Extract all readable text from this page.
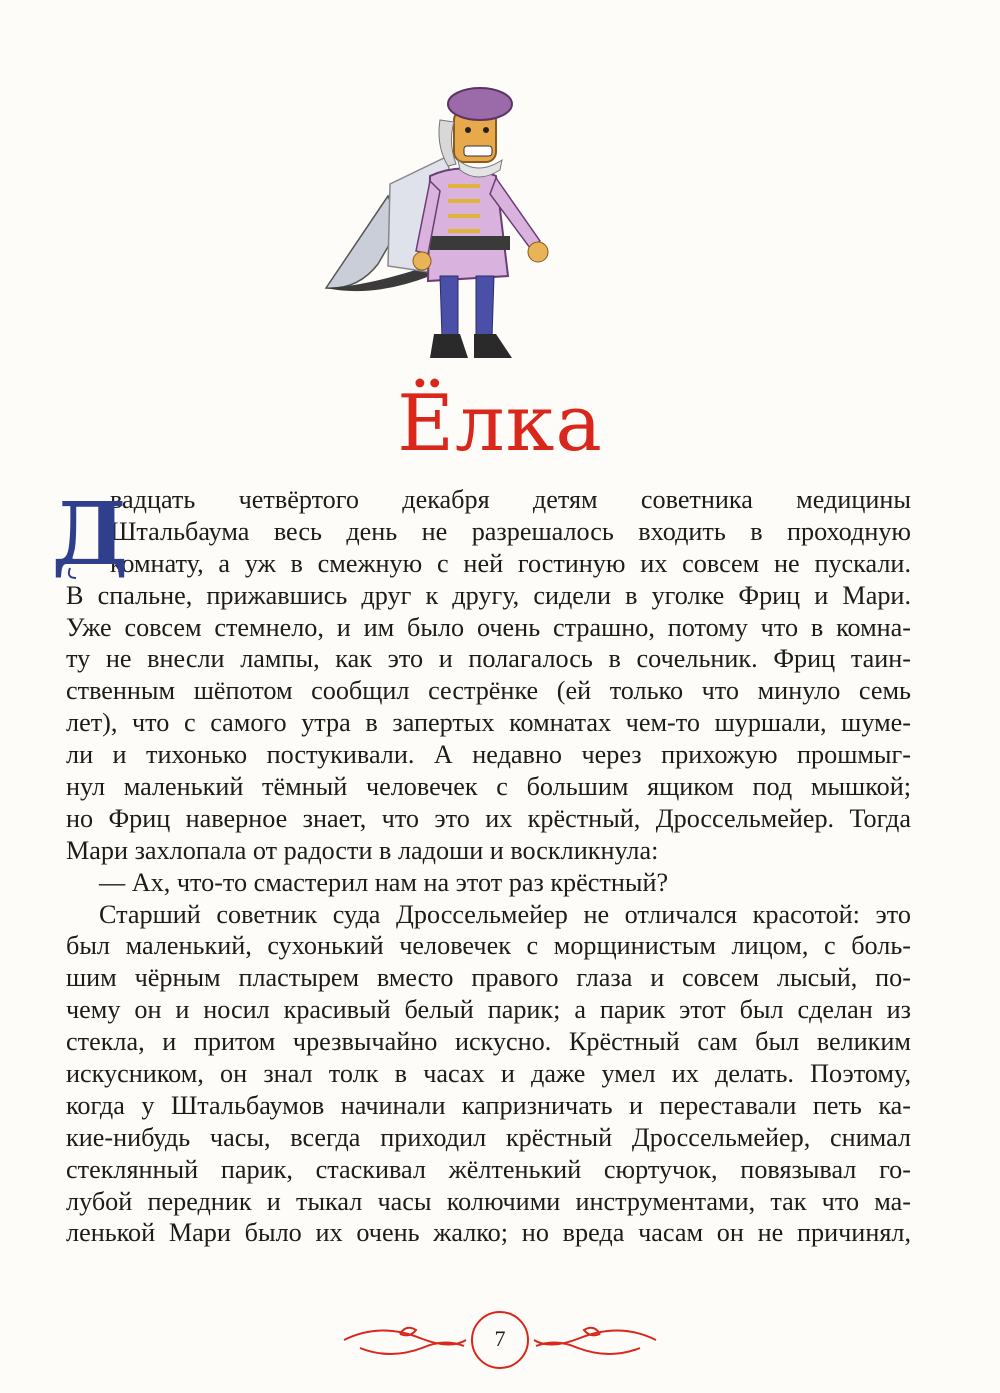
Ёлка
Д
вадцать четвёртого декабря детям советника медицины
Штальбаума весь день не разрешалось входить в проходную
комнату, а уж в смежную с ней гостиную их совсем не пускали.
В спальне, прижавшись друг к другу, сидели в уголке Фриц и Мари.
Уже совсем стемнело, и им было очень страшно, потому что в комна-
ту не внесли лампы, как это и полагалось в сочельник. Фриц таин-
ственным шёпотом сообщил сестрёнке (ей только что минуло семь
лет), что с самого утра в запертых комнатах чем-то шуршали, шуме-
ли и тихонько постукивали. А недавно через прихожую прошмыг-
нул маленький тёмный человечек с большим ящиком под мышкой;
но Фриц наверное знает, что это их крёстный, Дроссельмейер. Тогда
Мари захлопала от радости в ладоши и воскликнула:
— Ах, что-то смастерил нам на этот раз крёстный?
Старший советник суда Дроссельмейер не отличался красотой: это
был маленький, сухонький человечек с морщинистым лицом, с боль-
шим чёрным пластырем вместо правого глаза и совсем лысый, по-
чему он и носил красивый белый парик; а парик этот был сделан из
стекла, и притом чрезвычайно искусно. Крёстный сам был великим
искусником, он знал толк в часах и даже умел их делать. Поэтому,
когда у Штальбаумов начинали капризничать и переставали петь ка-
кие-нибудь часы, всегда приходил крёстный Дроссельмейер, снимал
стеклянный парик, стаскивал жёлтенький сюртучок, повязывал го-
лубой передник и тыкал часы колючими инструментами, так что ма-
ленькой Мари было их очень жалко; но вреда часам он не причинял,
7
